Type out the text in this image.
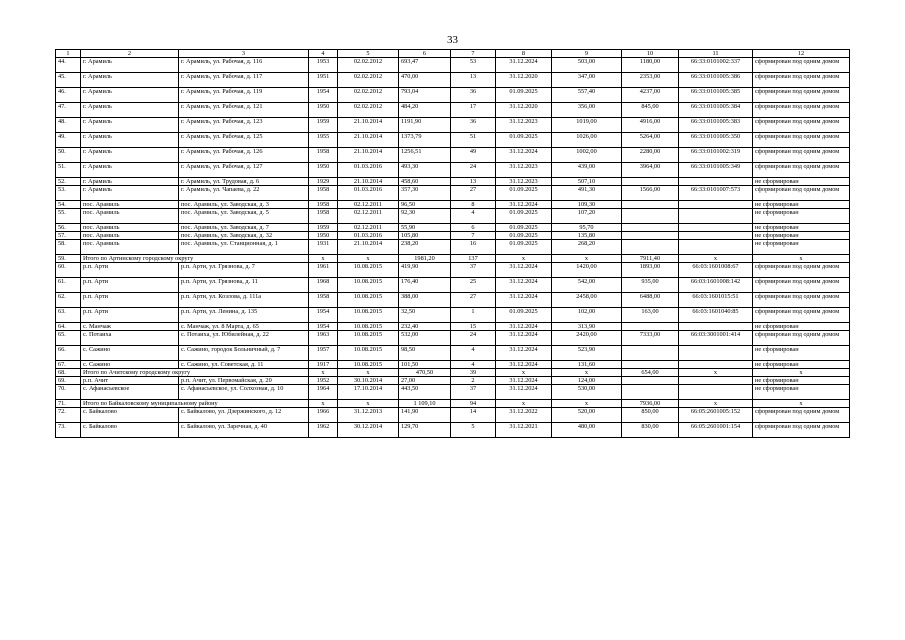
33
1	2	3	4	5	6	7	8	9	10	11	12
44.	г. Арамиль	г. Арамиль, ул. Рабочая, д. 116	1953	02.02.2012	693,47	53	31.12.2024	503,00	1180,00	66:33:0101002:337	сформирован под одним домом
45.	г. Арамиль	г. Арамиль, ул. Рабочая, д. 117	1951	02.02.2012	470,00	13	31.12.2020	347,00	2353,00	66:33:0101005:386	сформирован под одним домом
46.	г. Арамиль	г. Арамиль, ул. Рабочая, д. 119	1954	02.02.2012	793,04	36	01.09.2025	557,40	4237,00	66:33:0101005:385	сформирован под одним домом
47.	г. Арамиль	г. Арамиль, ул. Рабочая, д. 121	1950	02.02.2012	484,20	17	31.12.2020	356,00	845,00	66:33:0101005:384	сформирован под одним домом
48.	г. Арамиль	г. Арамиль, ул. Рабочая, д. 123	1959	21.10.2014	1191,90	36	31.12.2023	1019,00	4916,00	66:33:0101005:383	сформирован под одним домом
49.	г. Арамиль	г. Арамиль, ул. Рабочая, д. 125	1955	21.10.2014	1373,79	51	01.09.2025	1026,00	5264,00	66:33:0101005:350	сформирован под одним домом
50.	г. Арамиль	г. Арамиль, ул. Рабочая, д. 126	1958	21.10.2014	1256,51	49	31.12.2024	1002,00	2280,00	66:33:0101002:319	сформирован под одним домом
51.	г. Арамиль	г. Арамиль, ул. Рабочая, д. 127	1950	01.03.2016	493,30	24	31.12.2023	439,00	3964,00	66:33:0101005:349	сформирован под одним домом
52.	г. Арамиль	г. Арамиль, ул. Трудовая, д. 6	1929	21.10.2014	458,60	13	31.12.2023	507,10			не сформирован
53.	г. Арамиль	г. Арамиль, ул. Чапаева, д. 22	1958	01.03.2016	357,30	27	01.09.2025	491,30	1566,00	66:33:0101007:573	сформирован под одним домом
54.	пос. Арамиль	пос. Арамиль, ул. Заводская, д. 3	1958	02.12.2011	96,50	8	31.12.2024	109,30			не сформирован
55.	пос. Арамиль	пос. Арамиль, ул. Заводская, д. 5	1958	02.12.2011	92,30	4	01.09.2025	107,20			не сформирован
56.	пос. Арамиль	пос. Арамиль, ул. Заводская, д. 7	1959	02.12.2011	55,90	6	01.09.2025	95,70			не сформирован
57.	пос. Арамиль	пос. Арамиль, ул. Заводская, д. 32	1950	01.03.2016	105,80	7	01.09.2025	135,80			не сформирован
58.	пос. Арамиль	пос. Арамиль, ул. Станционная, д. 1	1931	21.10.2014	238,20	16	01.09.2025	268,20			не сформирован
59.	Итого по Артинскому городскому округу		x	x	1981,20	137	x	x	7911,40	x	x
60.	р.п. Арти	р.п. Арти, ул. Грязнова, д. 7	1961	10.08.2015	419,90	37	31.12.2024	1420,00	1893,00	66:03:1601008:67	сформирован под одним домом
61.	р.п. Арти	р.п. Арти, ул. Грязнова, д. 11	1968	10.08.2015	176,40	25	31.12.2024	542,00	935,00	66:03:1601008:142	сформирован под одним домом
62.	р.п. Арти	р.п. Арти, ул. Козлова, д. 111а	1958	10.08.2015	388,00	27	31.12.2024	2458,00	6488,00	66:03:1601015:51	сформирован под одним домом
63.	р.п. Арти	р.п. Арти, ул. Ленина, д. 135	1954	10.08.2015	32,50	1	01.09.2025	102,00	163,00	66:03:1601040:85	сформирован под одним домом
64.	с. Манчаж	с. Манчаж, ул. 8 Марта, д. 65	1954	10.08.2015	232,40	15	31.12.2024	313,90			не сформирован
65.	с. Потаиха	с. Потаиха, ул. Юбилейная, д. 22	1963	10.08.2015	532,00	24	31.12.2024	2420,00	7333,00	66:03:3001001:414	сформирован под одним домом
66.	с. Сажино	с. Сажино, городок Больничный, д. 7	1957	10.08.2015	98,50	4	31.12.2024	523,90			не сформирован
67.	с. Сажино	с. Сажино, ул. Советская, д. 11	1917	10.08.2015	101,50	4	31.12.2024	131,60			не сформирован
68.	Итого по Ачитскому городскому округу		x	x	470,50	39	x	x	654,00	x	x
69.	р.п. Ачит	р.п. Ачит, ул. Первомайская, д. 20	1952	30.10.2014	27,00	2	31.12.2024	124,00			не сформирован
70.	с. Афанасьевское	с. Афанасьевское, ул. Солхозная, д. 10	1964	17.10.2014	443,50	37	31.12.2024	530,00			не сформирован
71.	Итого по Байкаловскому муниципальному району		x	x	1 109,10	94	x	x	7936,00	x	x
72.	с. Байкалово	с. Байкалово, ул. Дзержинского, д. 12	1966	31.12.2013	141,90	14	31.12.2022	520,00	850,00	66:05:2601005:152	сформирован под одним домом
73.	с. Байкалово	с. Байкалово, ул. Заречная, д. 40	1962	30.12.2014	129,70	5	31.12.2021	480,00	830,00	66:05:2601001:154	сформирован под одним домом
